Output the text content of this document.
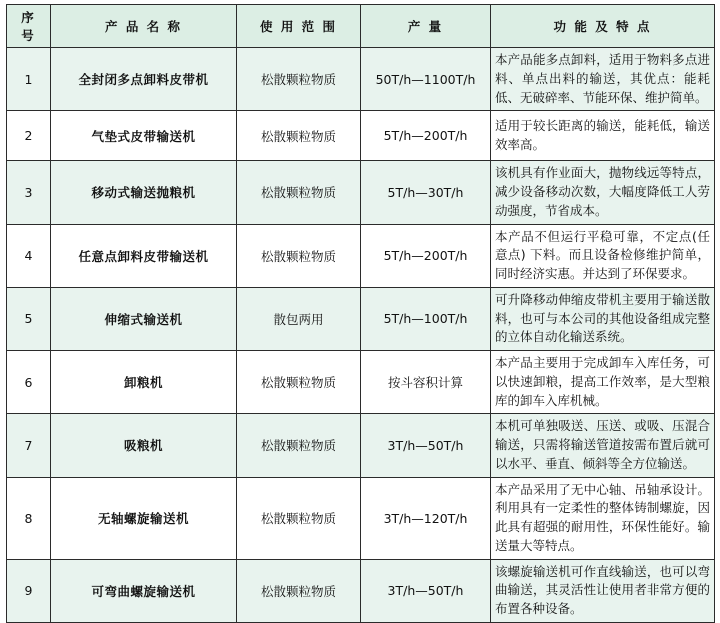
序 号	产 品 名 称	使 用 范 围	产 量	功 能 及 特 点
1	全封闭多点卸料皮带机	松散颗粒物质	50T/h—1100T/h	本产品能多点卸料，适用于物料多点进料、单点出料的输送，其优点：能耗低、无破碎率、节能环保、维护简单。
2	气垫式皮带输送机	松散颗粒物质	5T/h—200T/h	适用于较长距离的输送，能耗低，输送效率高。
3	移动式输送抛粮机	松散颗粒物质	5T/h—30T/h	该机具有作业面大，抛物线远等特点，减少设备移动次数，大幅度降低工人劳动强度，节省成本。
4	任意点卸料皮带输送机	松散颗粒物质	5T/h—200T/h	本产品不但运行平稳可靠，不定点(任意点) 下料。而且设备检修维护简单，同时经济实惠。并达到了环保要求。
5	伸缩式输送机	散包两用	5T/h—100T/h	可升降移动伸缩皮带机主要用于输送散料，也可与本公司的其他设备组成完整的立体自动化输送系统。
6	卸粮机	松散颗粒物质	按斗容积计算	本产品主要用于完成卸车入库任务，可以快速卸粮，提高工作效率，是大型粮库的卸车入库机械。
7	吸粮机	松散颗粒物质	3T/h—50T/h	本机可单独吸送、压送、或吸、压混合输送，只需将输送管道按需布置后就可以水平、垂直、倾斜等全方位输送。
8	无轴螺旋输送机	松散颗粒物质	3T/h—120T/h	本产品采用了无中心轴、吊轴承设计。利用具有一定柔性的整体铸制螺旋，因此具有超强的耐用性，环保性能好。输送量大等特点。
9	可弯曲螺旋输送机	松散颗粒物质	3T/h—50T/h	该螺旋输送机可作直线输送，也可以弯曲输送，其灵活性让使用者非常方便的布置各种设备。
